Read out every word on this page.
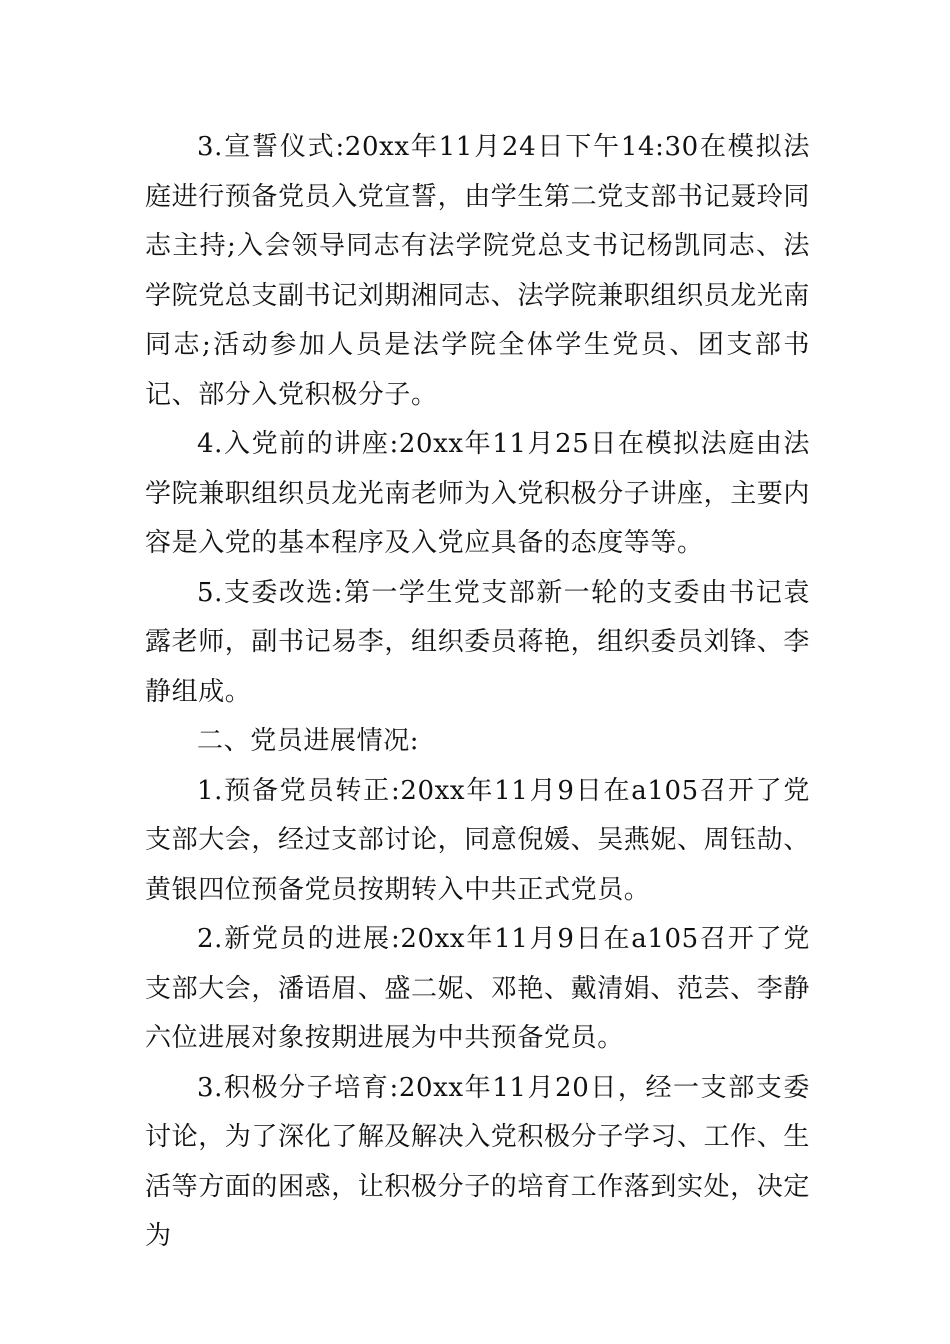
3.宣誓仪式:20xx年11月24日下午14:30在模拟法庭进行预备党员入党宣誓，由学生第二党支部书记聂玲同志主持;入会领导同志有法学院党总支书记杨凯同志、法学院党总支副书记刘期湘同志、法学院兼职组织员龙光南同志;活动参加人员是法学院全体学生党员、团支部书记、部分入党积极分子。

4.入党前的讲座:20xx年11月25日在模拟法庭由法学院兼职组织员龙光南老师为入党积极分子讲座，主要内容是入党的基本程序及入党应具备的态度等等。

5.支委改选:第一学生党支部新一轮的支委由书记袁露老师，副书记易李，组织委员蒋艳，组织委员刘锋、李静组成。

二、党员进展情况:

1.预备党员转正:20xx年11月9日在a105召开了党支部大会，经过支部讨论，同意倪媛、吴燕妮、周钰劼、黄银四位预备党员按期转入中共正式党员。

2.新党员的进展:20xx年11月9日在a105召开了党支部大会，潘语眉、盛二妮、邓艳、戴清娟、范芸、李静六位进展对象按期进展为中共预备党员。

3.积极分子培育:20xx年11月20日，经一支部支委讨论，为了深化了解及解决入党积极分子学习、工作、生活等方面的困惑，让积极分子的培育工作落到实处，决定为
